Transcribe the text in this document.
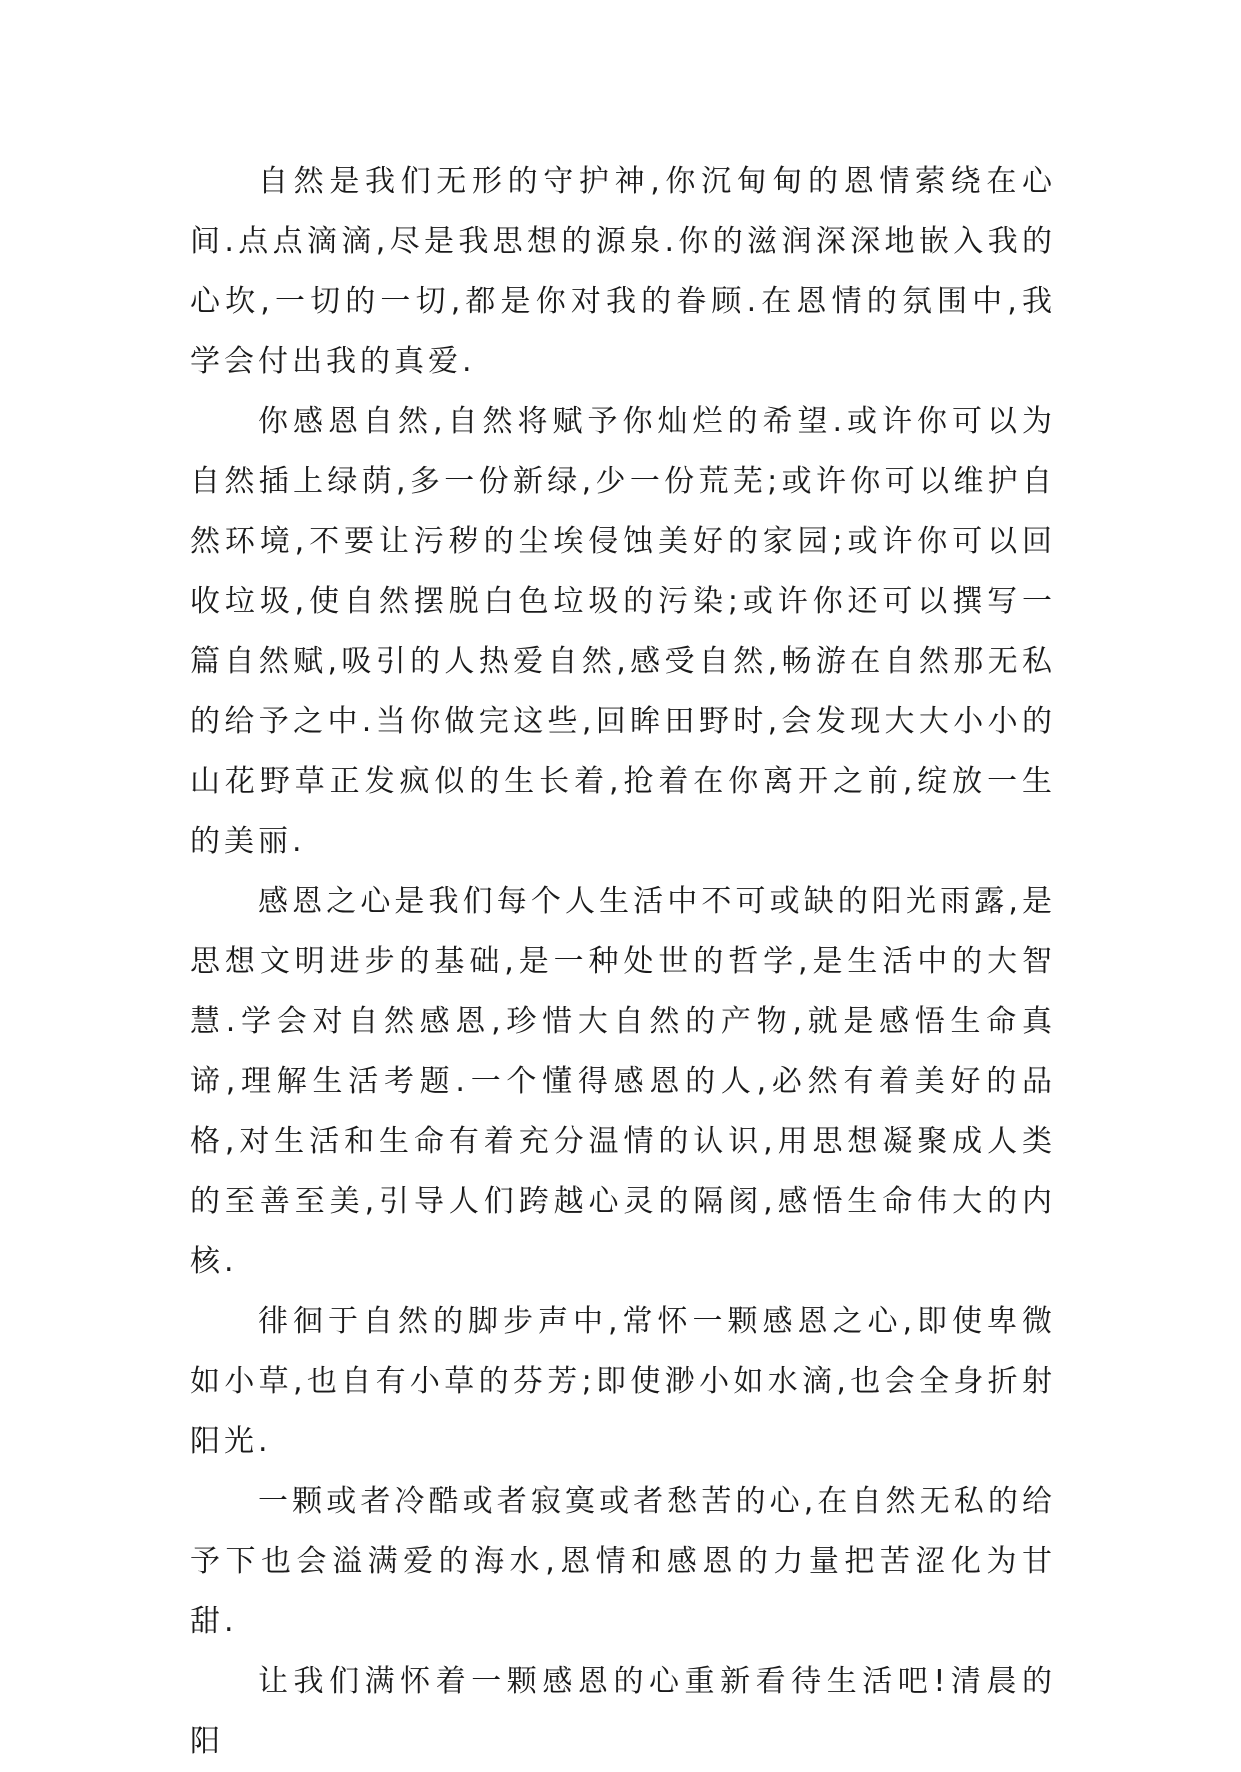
自然是我们无形的守护神,你沉甸甸的恩情萦绕在心间.点点滴滴,尽是我思想的源泉.你的滋润深深地嵌入我的心坎,一切的一切,都是你对我的眷顾.在恩情的氛围中,我学会付出我的真爱.

你感恩自然,自然将赋予你灿烂的希望.或许你可以为自然插上绿荫,多一份新绿,少一份荒芜;或许你可以维护自然环境,不要让污秽的尘埃侵蚀美好的家园;或许你可以回收垃圾,使自然摆脱白色垃圾的污染;或许你还可以撰写一篇自然赋,吸引的人热爱自然,感受自然,畅游在自然那无私的给予之中.当你做完这些,回眸田野时,会发现大大小小的山花野草正发疯似的生长着,抢着在你离开之前,绽放一生的美丽.

感恩之心是我们每个人生活中不可或缺的阳光雨露,是思想文明进步的基础,是一种处世的哲学,是生活中的大智慧.学会对自然感恩,珍惜大自然的产物,就是感悟生命真谛,理解生活考题.一个懂得感恩的人,必然有着美好的品格,对生活和生命有着充分温情的认识,用思想凝聚成人类的至善至美,引导人们跨越心灵的隔阂,感悟生命伟大的内核.

徘徊于自然的脚步声中,常怀一颗感恩之心,即使卑微如小草,也自有小草的芬芳;即使渺小如水滴,也会全身折射阳光.

一颗或者冷酷或者寂寞或者愁苦的心,在自然无私的给予下也会溢满爱的海水,恩情和感恩的力量把苦涩化为甘甜.

让我们满怀着一颗感恩的心重新看待生活吧!清晨的阳
